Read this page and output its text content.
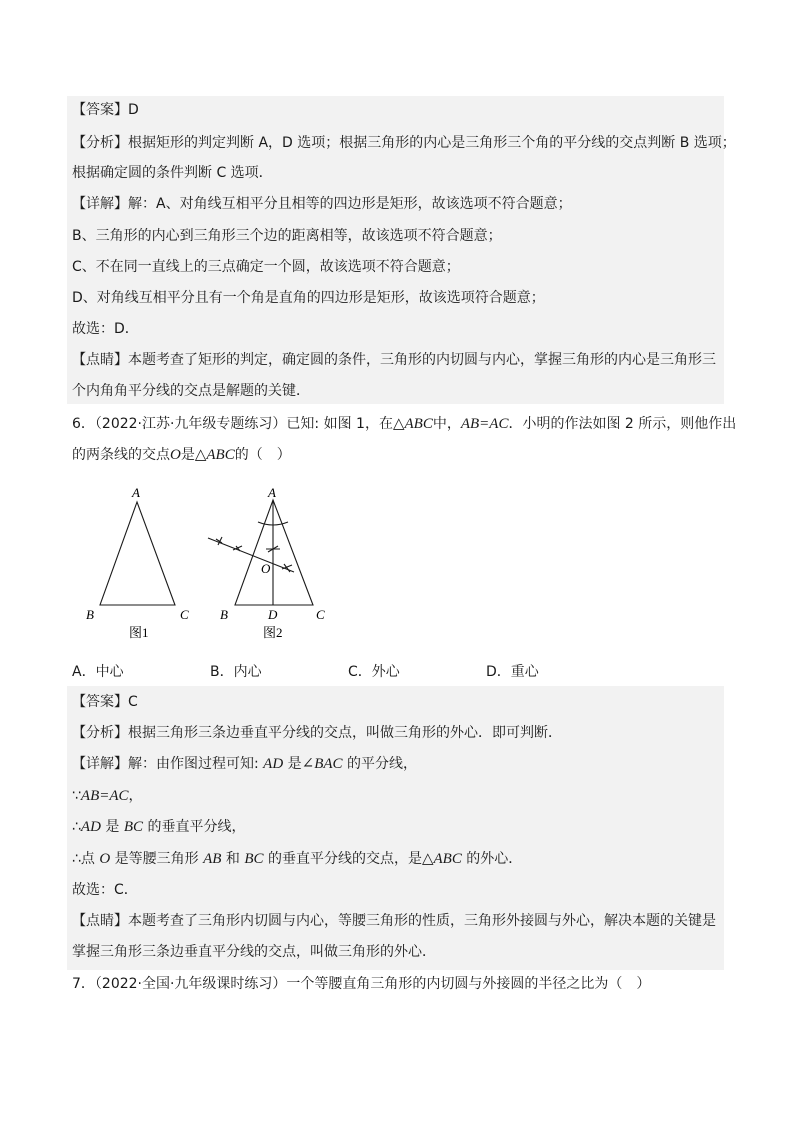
【答案】D
【分析】根据矩形的判定判断 A，D 选项；根据三角形的内心是三角形三个角的平分线的交点判断 B 选项；
根据确定圆的条件判断 C 选项．
【详解】解：A、对角线互相平分且相等的四边形是矩形，故该选项不符合题意；
B、三角形的内心到三角形三个边的距离相等，故该选项不符合题意；
C、不在同一直线上的三点确定一个圆，故该选项不符合题意；
D、对角线互相平分且有一个角是直角的四边形是矩形，故该选项符合题意；
故选：D．
【点睛】本题考查了矩形的判定，确定圆的条件，三角形的内切圆与内心，掌握三角形的内心是三角形三
个内角角平分线的交点是解题的关键．
6．（2022·江苏·九年级专题练习）已知: 如图 1，在△ABC中，AB=AC．小明的作法如图 2 所示，则他作出
的两条线的交点O是△ABC的（　）
A
B	C
图1
A
B	D	C
O
图2
A．中心	B．内心	C．外心	D．重心
【答案】C
【分析】根据三角形三条边垂直平分线的交点，叫做三角形的外心．即可判断．
【详解】解：由作图过程可知: AD 是∠BAC 的平分线，
∵AB=AC，
∴AD 是 BC 的垂直平分线，
∴点 O 是等腰三角形 AB 和 BC 的垂直平分线的交点，是△ABC 的外心．
故选：C．
【点睛】本题考查了三角形内切圆与内心，等腰三角形的性质，三角形外接圆与外心，解决本题的关键是
掌握三角形三条边垂直平分线的交点，叫做三角形的外心．
7．（2022·全国·九年级课时练习）一个等腰直角三角形的内切圆与外接圆的半径之比为（　）
